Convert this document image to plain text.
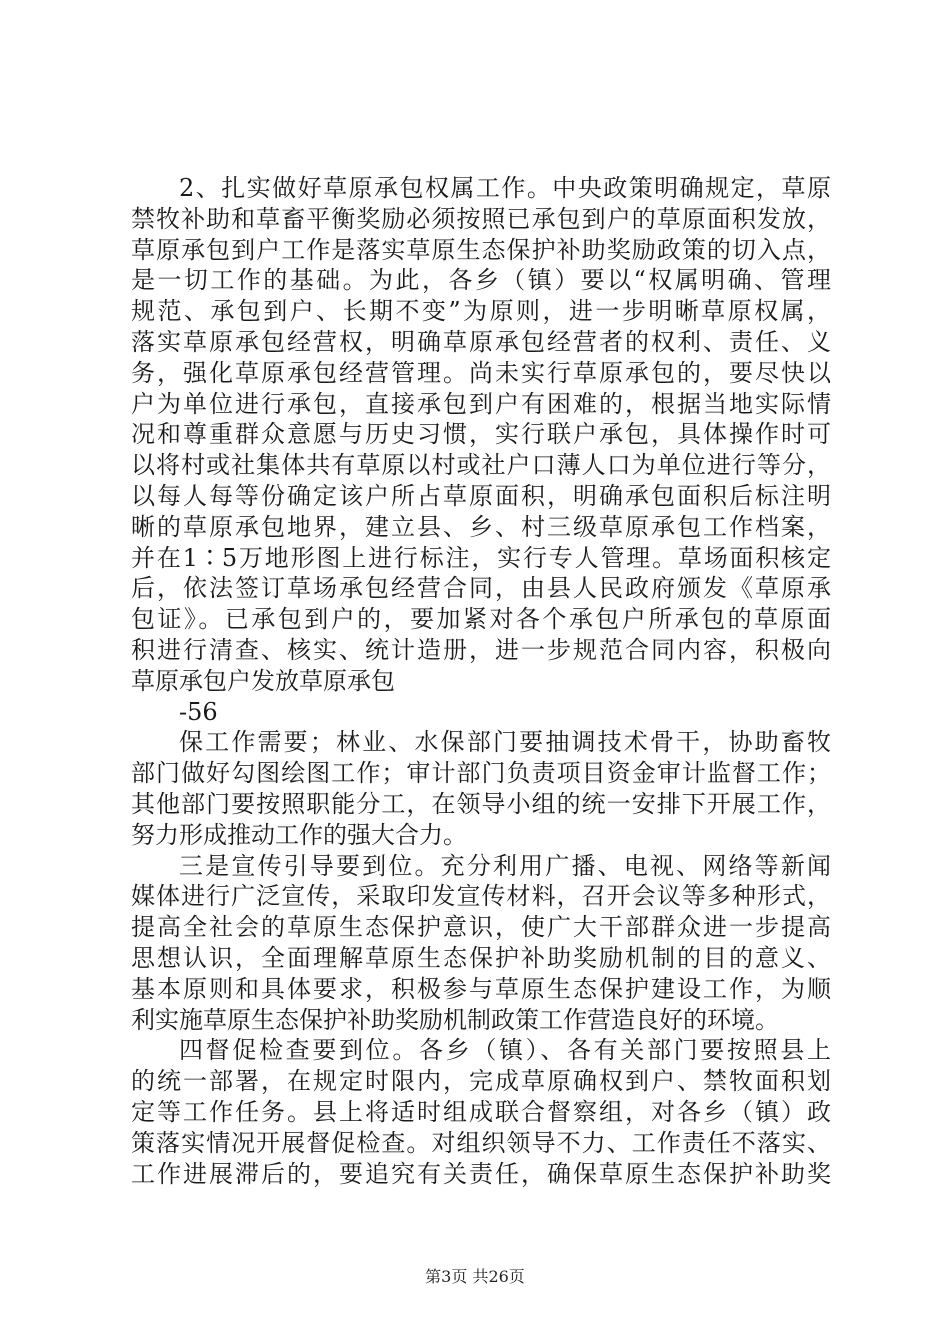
2、扎实做好草原承包权属工作。中央政策明确规定，草原
禁牧补助和草畜平衡奖励必须按照已承包到户的草原面积发放，
草原承包到户工作是落实草原生态保护补助奖励政策的切入点，
是一切工作的基础。为此，各乡（镇）要以“权属明确、管理
规范、承包到户、长期不变”为原则，进一步明晰草原权属，
落实草原承包经营权，明确草原承包经营者的权利、责任、义
务，强化草原承包经营管理。尚未实行草原承包的，要尽快以
户为单位进行承包，直接承包到户有困难的，根据当地实际情
况和尊重群众意愿与历史习惯，实行联户承包，具体操作时可
以将村或社集体共有草原以村或社户口薄人口为单位进行等分，
以每人每等份确定该户所占草原面积，明确承包面积后标注明
晰的草原承包地界，建立县、乡、村三级草原承包工作档案，
并在1∶5万地形图上进行标注，实行专人管理。草场面积核定
后，依法签订草场承包经营合同，由县人民政府颁发《草原承
包证》。已承包到户的，要加紧对各个承包户所承包的草原面
积进行清查、核实、统计造册，进一步规范合同内容，积极向
草原承包户发放草原承包
-56
保工作需要；林业、水保部门要抽调技术骨干，协助畜牧
部门做好勾图绘图工作；审计部门负责项目资金审计监督工作；
其他部门要按照职能分工，在领导小组的统一安排下开展工作，
努力形成推动工作的强大合力。
三是宣传引导要到位。充分利用广播、电视、网络等新闻
媒体进行广泛宣传，采取印发宣传材料，召开会议等多种形式，
提高全社会的草原生态保护意识，使广大干部群众进一步提高
思想认识，全面理解草原生态保护补助奖励机制的目的意义、
基本原则和具体要求，积极参与草原生态保护建设工作，为顺
利实施草原生态保护补助奖励机制政策工作营造良好的环境。
四督促检查要到位。各乡（镇）、各有关部门要按照县上
的统一部署，在规定时限内，完成草原确权到户、禁牧面积划
定等工作任务。县上将适时组成联合督察组，对各乡（镇）政
策落实情况开展督促检查。对组织领导不力、工作责任不落实、
工作进展滞后的，要追究有关责任，确保草原生态保护补助奖
第3页 共26页
